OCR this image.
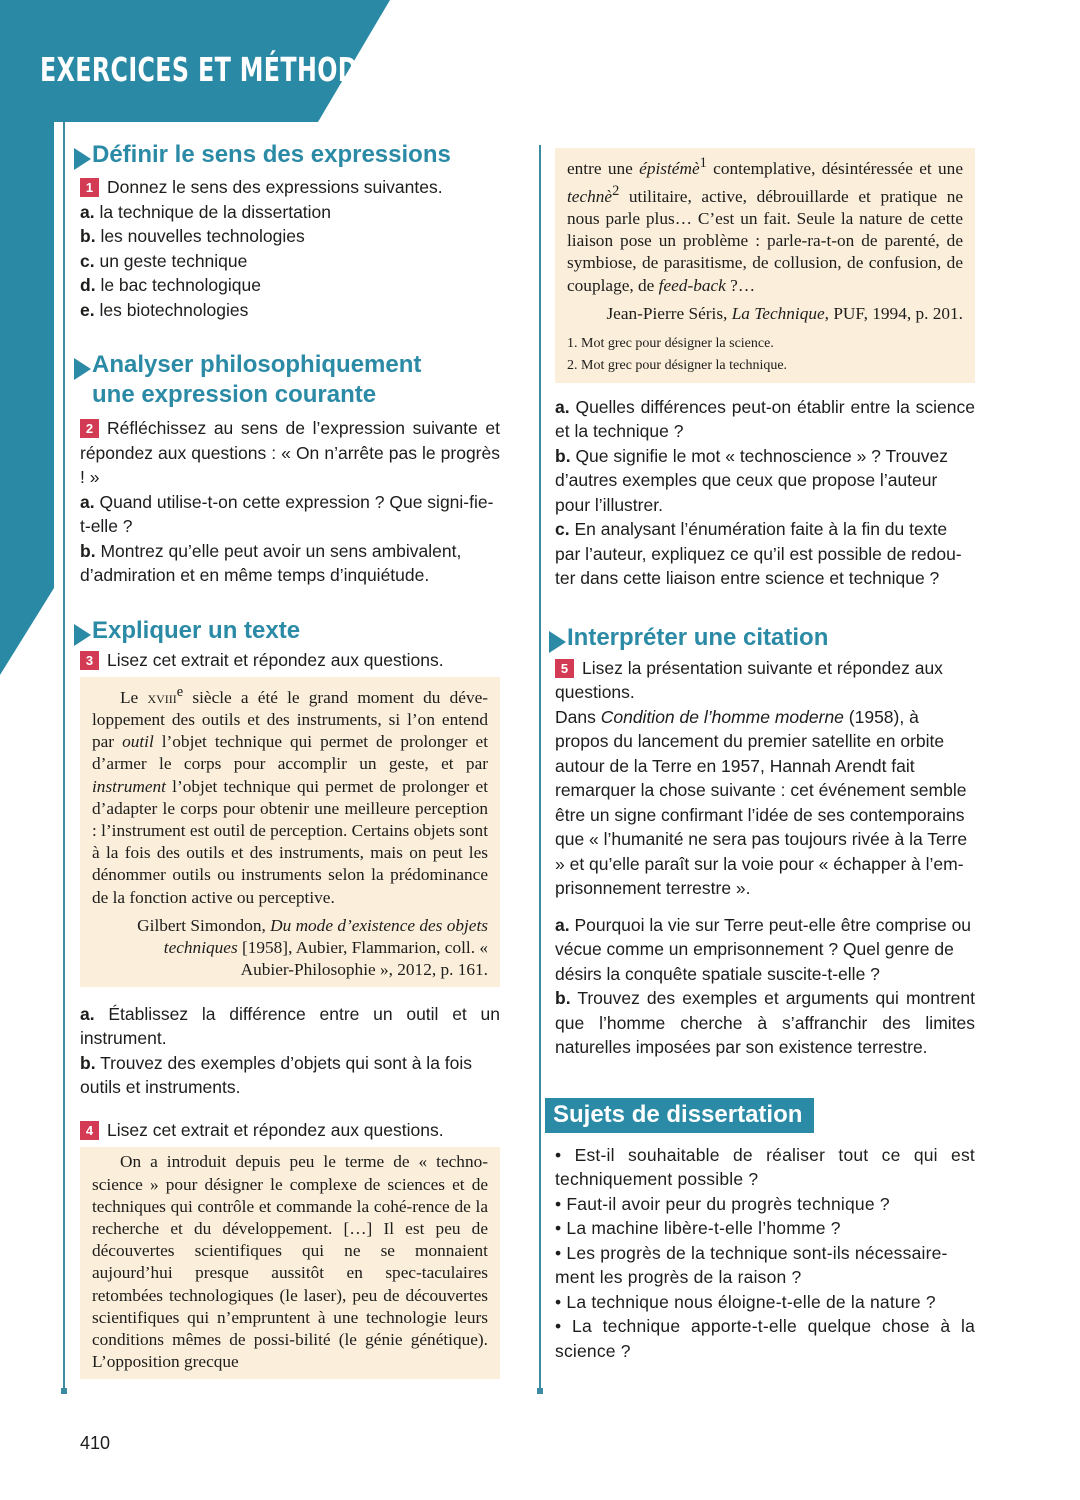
EXERCICES ET MÉTHODES
Définir le sens des expressions
1 Donnez le sens des expressions suivantes.
a. la technique de la dissertation
b. les nouvelles technologies
c. un geste technique
d. le bac technologique
e. les biotechnologies
Analyser philosophiquement
une expression courante
2 Réfléchissez au sens de l’expression suivante et répondez aux questions : « On n’arrête pas le progrès ! »
a. Quand utilise-t-on cette expression ? Que signi-fie-t-elle ?
b. Montrez qu’elle peut avoir un sens ambivalent, d’admiration et en même temps d’inquiétude.
Expliquer un texte
3 Lisez cet extrait et répondez aux questions.
Le xviii$^e$ siècle a été le grand moment du déve-loppement des outils et des instruments, si l’on entend par outil l’objet technique qui permet de prolonger et d’armer le corps pour accomplir un geste, et par instrument l’objet technique qui permet de prolonger et d’adapter le corps pour obtenir une meilleure perception : l’instrument est outil de perception. Certains objets sont à la fois des outils et des instruments, mais on peut les dénommer outils ou instruments selon la prédominance de la fonction active ou perceptive.
Gilbert Simondon, Du mode d’existence des objets techniques [1958], Aubier, Flammarion, coll. « Aubier-Philosophie », 2012, p. 161.
a. Établissez la différence entre un outil et un instrument.
b. Trouvez des exemples d’objets qui sont à la fois outils et instruments.
4 Lisez cet extrait et répondez aux questions.
On a introduit depuis peu le terme de « techno-science » pour désigner le complexe de sciences et de techniques qui contrôle et commande la cohé-rence de la recherche et du développement. […] Il est peu de découvertes scientifiques qui ne se monnaient aujourd’hui presque aussitôt en spec-taculaires retombées technologiques (le laser), peu de découvertes scientifiques qui n’empruntent à une technologie leurs conditions mêmes de possi-bilité (le génie génétique). L’opposition grecque
entre une épistémè$^1$ contemplative, désintéressée et une technè$^2$ utilitaire, active, débrouillarde et pratique ne nous parle plus… C’est un fait. Seule la nature de cette liaison pose un problème : parle-ra-t-on de parenté, de symbiose, de parasitisme, de collusion, de confusion, de couplage, de feed-back ?…
Jean-Pierre Séris, La Technique, PUF, 1994, p. 201.
1. Mot grec pour désigner la science.
2. Mot grec pour désigner la technique.
a. Quelles différences peut-on établir entre la science et la technique ?
b. Que signifie le mot « technoscience » ? Trouvez d’autres exemples que ceux que propose l’auteur pour l’illustrer.
c. En analysant l’énumération faite à la fin du texte par l’auteur, expliquez ce qu’il est possible de redou-ter dans cette liaison entre science et technique ?
Interpréter une citation
5 Lisez la présentation suivante et répondez aux questions.
Dans Condition de l’homme moderne (1958), à propos du lancement du premier satellite en orbite autour de la Terre en 1957, Hannah Arendt fait remarquer la chose suivante : cet événement semble être un signe confirmant l’idée de ses contemporains que « l’humanité ne sera pas toujours rivée à la Terre » et qu’elle paraît sur la voie pour « échapper à l’em-prisonnement terrestre ».
a. Pourquoi la vie sur Terre peut-elle être comprise ou vécue comme un emprisonnement ? Quel genre de désirs la conquête spatiale suscite-t-elle ?
b. Trouvez des exemples et arguments qui montrent que l’homme cherche à s’affranchir des limites naturelles imposées par son existence terrestre.
Sujets de dissertation
• Est-il souhaitable de réaliser tout ce qui est techniquement possible ?
• Faut-il avoir peur du progrès technique ?
• La machine libère-t-elle l’homme ?
• Les progrès de la technique sont-ils nécessaire-ment les progrès de la raison ?
• La technique nous éloigne-t-elle de la nature ?
• La technique apporte-t-elle quelque chose à la science ?
410
